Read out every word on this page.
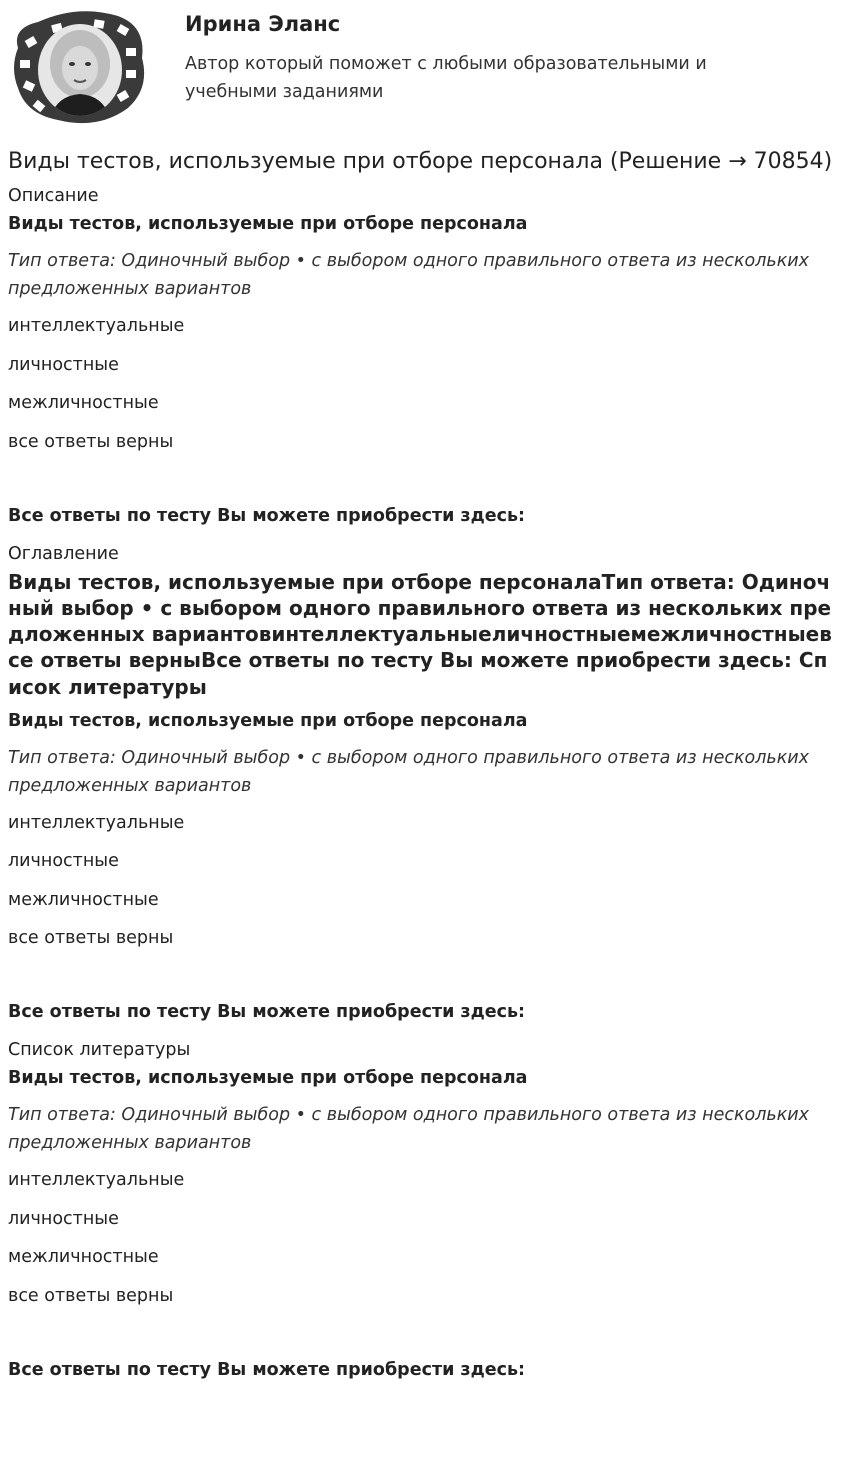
Ирина Эланс
Автор который поможет с любыми образовательными и учебными заданиями
Виды тестов, используемые при отборе персонала (Решение → 70854)
Описание
Виды тестов, используемые при отборе персонала
Тип ответа: Одиночный выбор • с выбором одного правильного ответа из нескольких предложенных вариантов
интеллектуальные
личностные
межличностные
все ответы верны
Все ответы по тесту Вы можете приобрести здесь:
Оглавление
Виды тестов, используемые при отборе персоналаТип ответа: Одиночный выбор • с выбором одного правильного ответа из нескольких предложенных вариантовинтеллектуальныеличностныемежличностныевсе ответы верныВсе ответы по тесту Вы можете приобрести здесь: Список литературы
Виды тестов, используемые при отборе персонала
Тип ответа: Одиночный выбор • с выбором одного правильного ответа из нескольких предложенных вариантов
интеллектуальные
личностные
межличностные
все ответы верны
Все ответы по тесту Вы можете приобрести здесь:
Список литературы
Виды тестов, используемые при отборе персонала
Тип ответа: Одиночный выбор • с выбором одного правильного ответа из нескольких предложенных вариантов
интеллектуальные
личностные
межличностные
все ответы верны
Все ответы по тесту Вы можете приобрести здесь:
